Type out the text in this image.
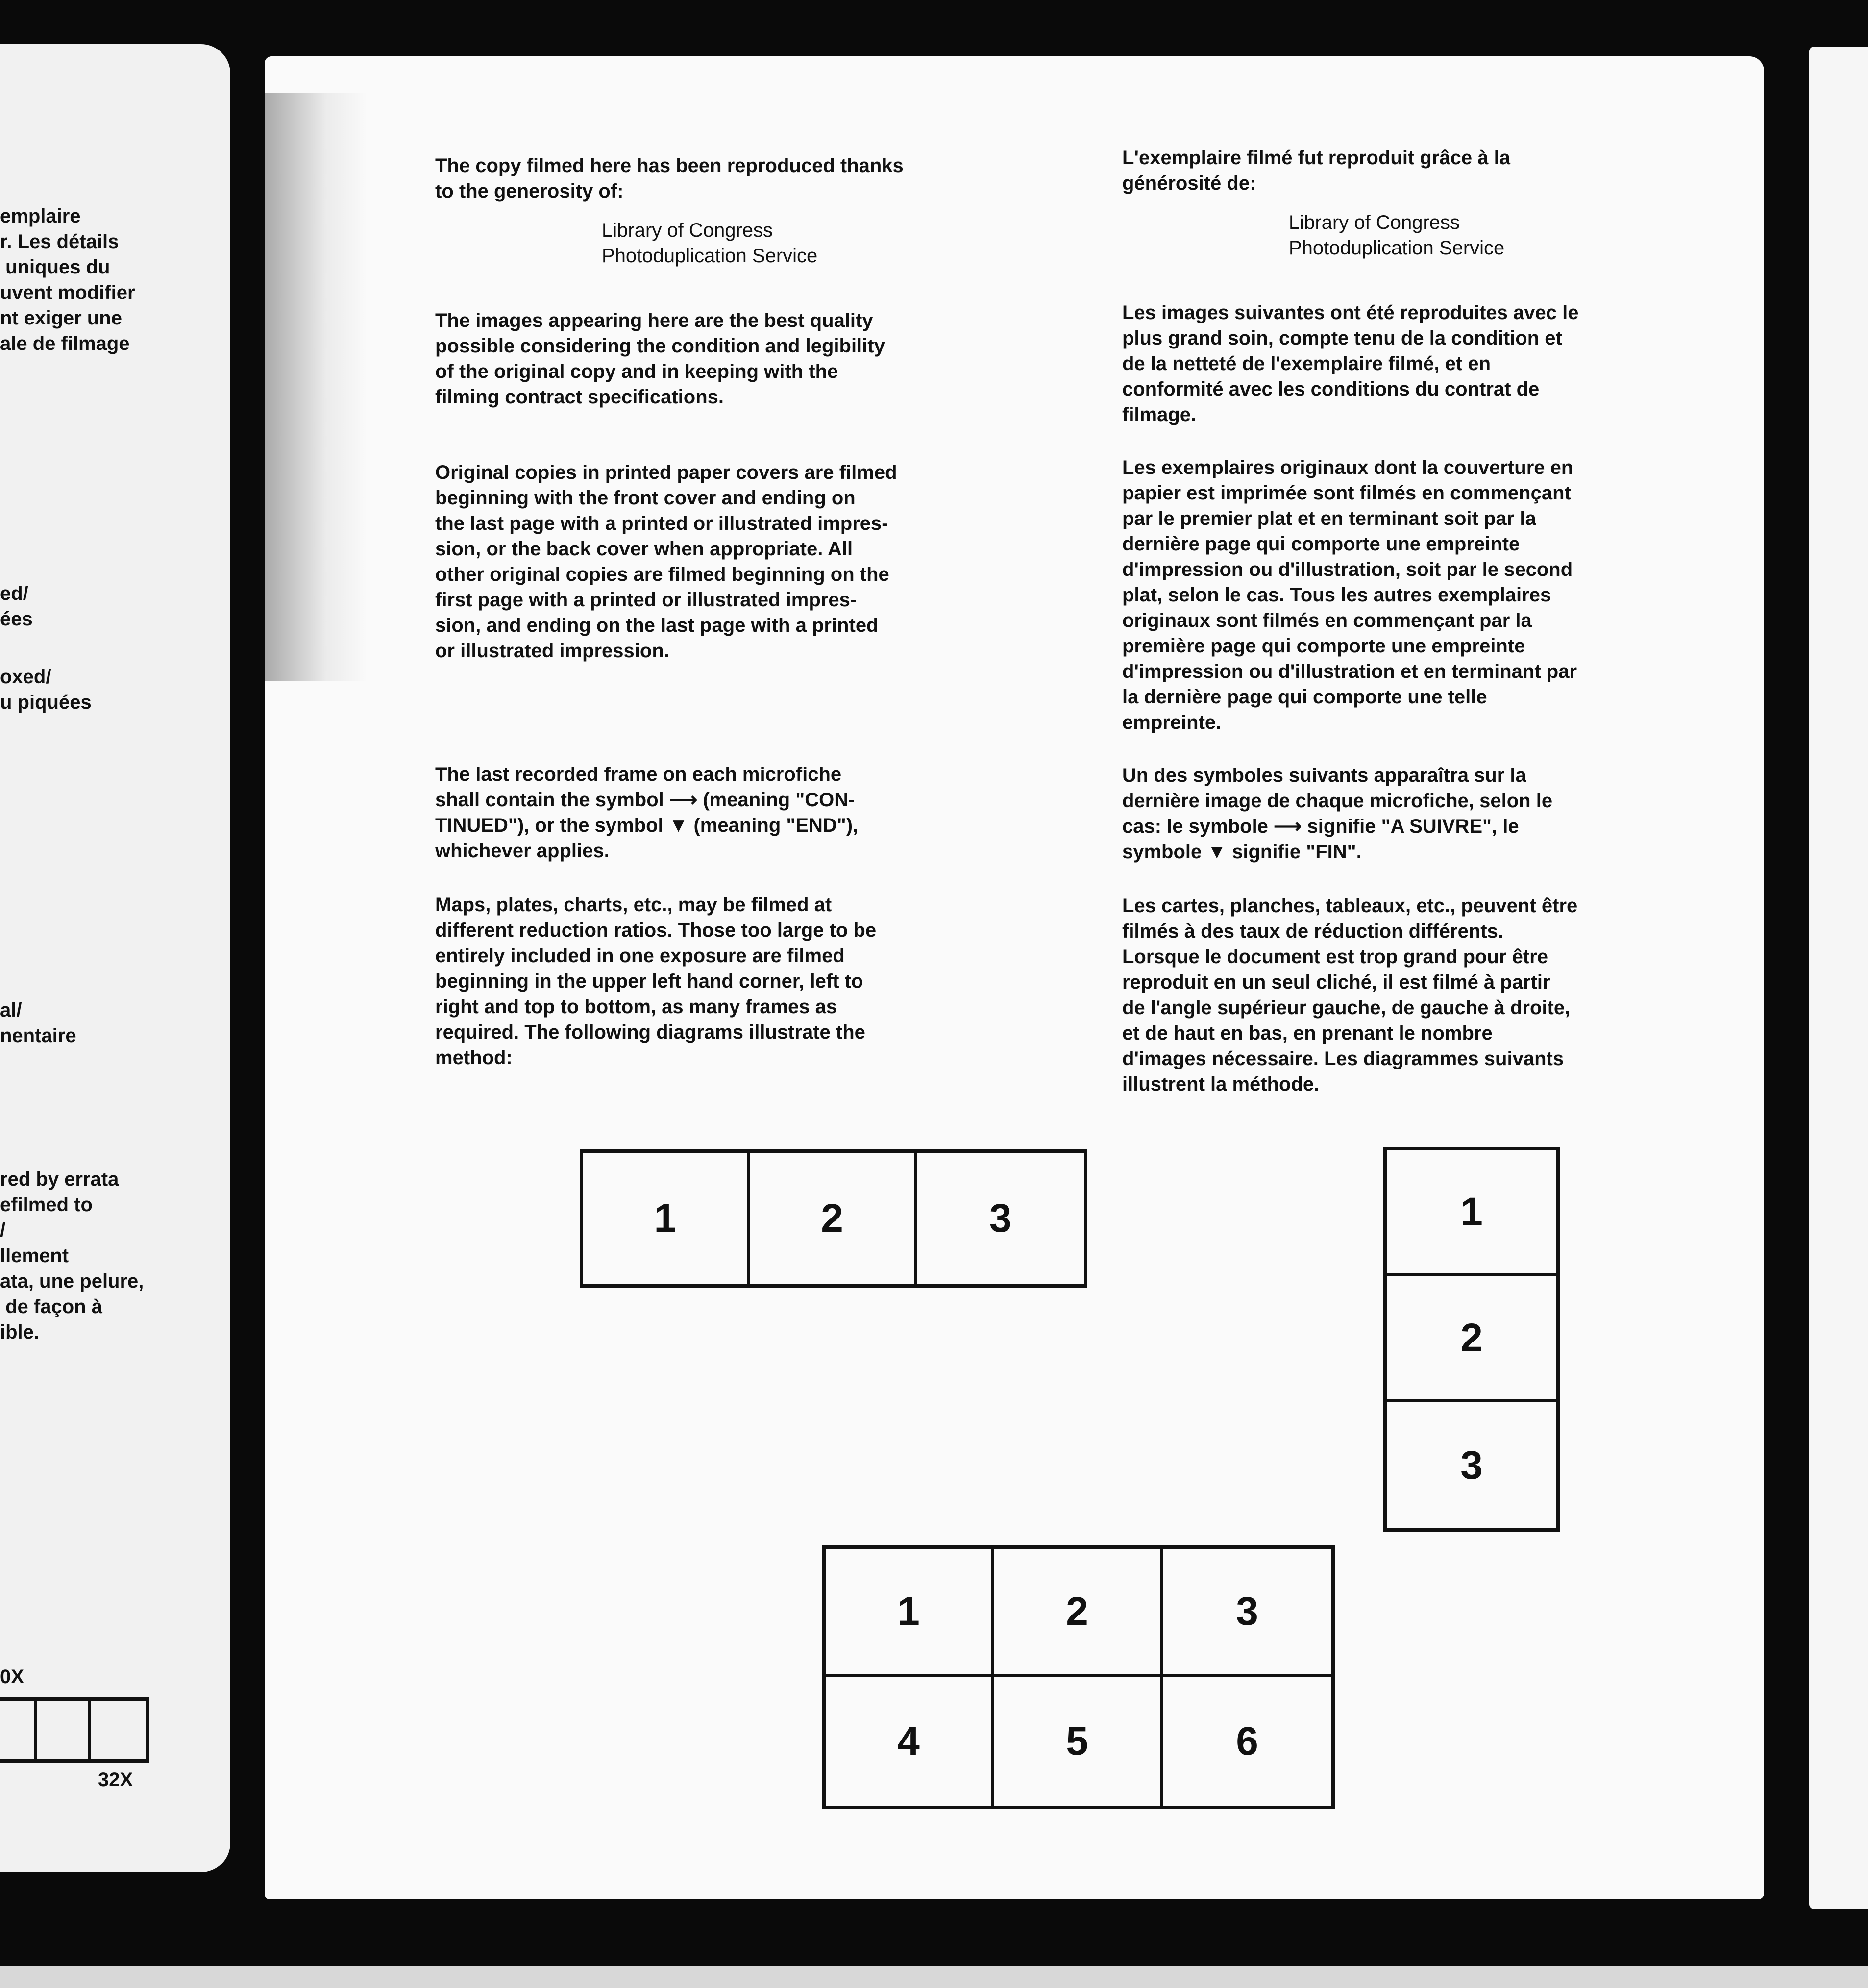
emplaire

r. Les détails

uniques du

uvent modifier

nt exiger une

ale de filmage

ed/

ées

oxed/

u piquées

al/

nentaire

red by errata

efilmed to

/

llement

ata, une pelure,

de façon à

ible.

0X

32X

The copy filmed here has been reproduced thanks

to the generosity of:

Library of Congress

Photoduplication Service

The images appearing here are the best quality

possible considering the condition and legibility

of the original copy and in keeping with the

filming contract specifications.

Original copies in printed paper covers are filmed

beginning with the front cover and ending on

the last page with a printed or illustrated impres-

sion, or the back cover when appropriate. All

other original copies are filmed beginning on the

first page with a printed or illustrated impres-

sion, and ending on the last page with a printed

or illustrated impression.

The last recorded frame on each microfiche

shall contain the symbol ⟶ (meaning "CON-

TINUED"), or the symbol ▼ (meaning "END"),

whichever applies.

Maps, plates, charts, etc., may be filmed at

different reduction ratios. Those too large to be

entirely included in one exposure are filmed

beginning in the upper left hand corner, left to

right and top to bottom, as many frames as

required. The following diagrams illustrate the

method:

L'exemplaire filmé fut reproduit grâce à la

générosité de:

Library of Congress

Photoduplication Service

Les images suivantes ont été reproduites avec le

plus grand soin, compte tenu de la condition et

de la netteté de l'exemplaire filmé, et en

conformité avec les conditions du contrat de

filmage.

Les exemplaires originaux dont la couverture en

papier est imprimée sont filmés en commençant

par le premier plat et en terminant soit par la

dernière page qui comporte une empreinte

d'impression ou d'illustration, soit par le second

plat, selon le cas. Tous les autres exemplaires

originaux sont filmés en commençant par la

première page qui comporte une empreinte

d'impression ou d'illustration et en terminant par

la dernière page qui comporte une telle

empreinte.

Un des symboles suivants apparaîtra sur la

dernière image de chaque microfiche, selon le

cas: le symbole ⟶ signifie "A SUIVRE", le

symbole ▼ signifie "FIN".

Les cartes, planches, tableaux, etc., peuvent être

filmés à des taux de réduction différents.

Lorsque le document est trop grand pour être

reproduit en un seul cliché, il est filmé à partir

de l'angle supérieur gauche, de gauche à droite,

et de haut en bas, en prenant le nombre

d'images nécessaire. Les diagrammes suivants

illustrent la méthode.

1	2	3	1
2
3
1	2	3
4	5	6
